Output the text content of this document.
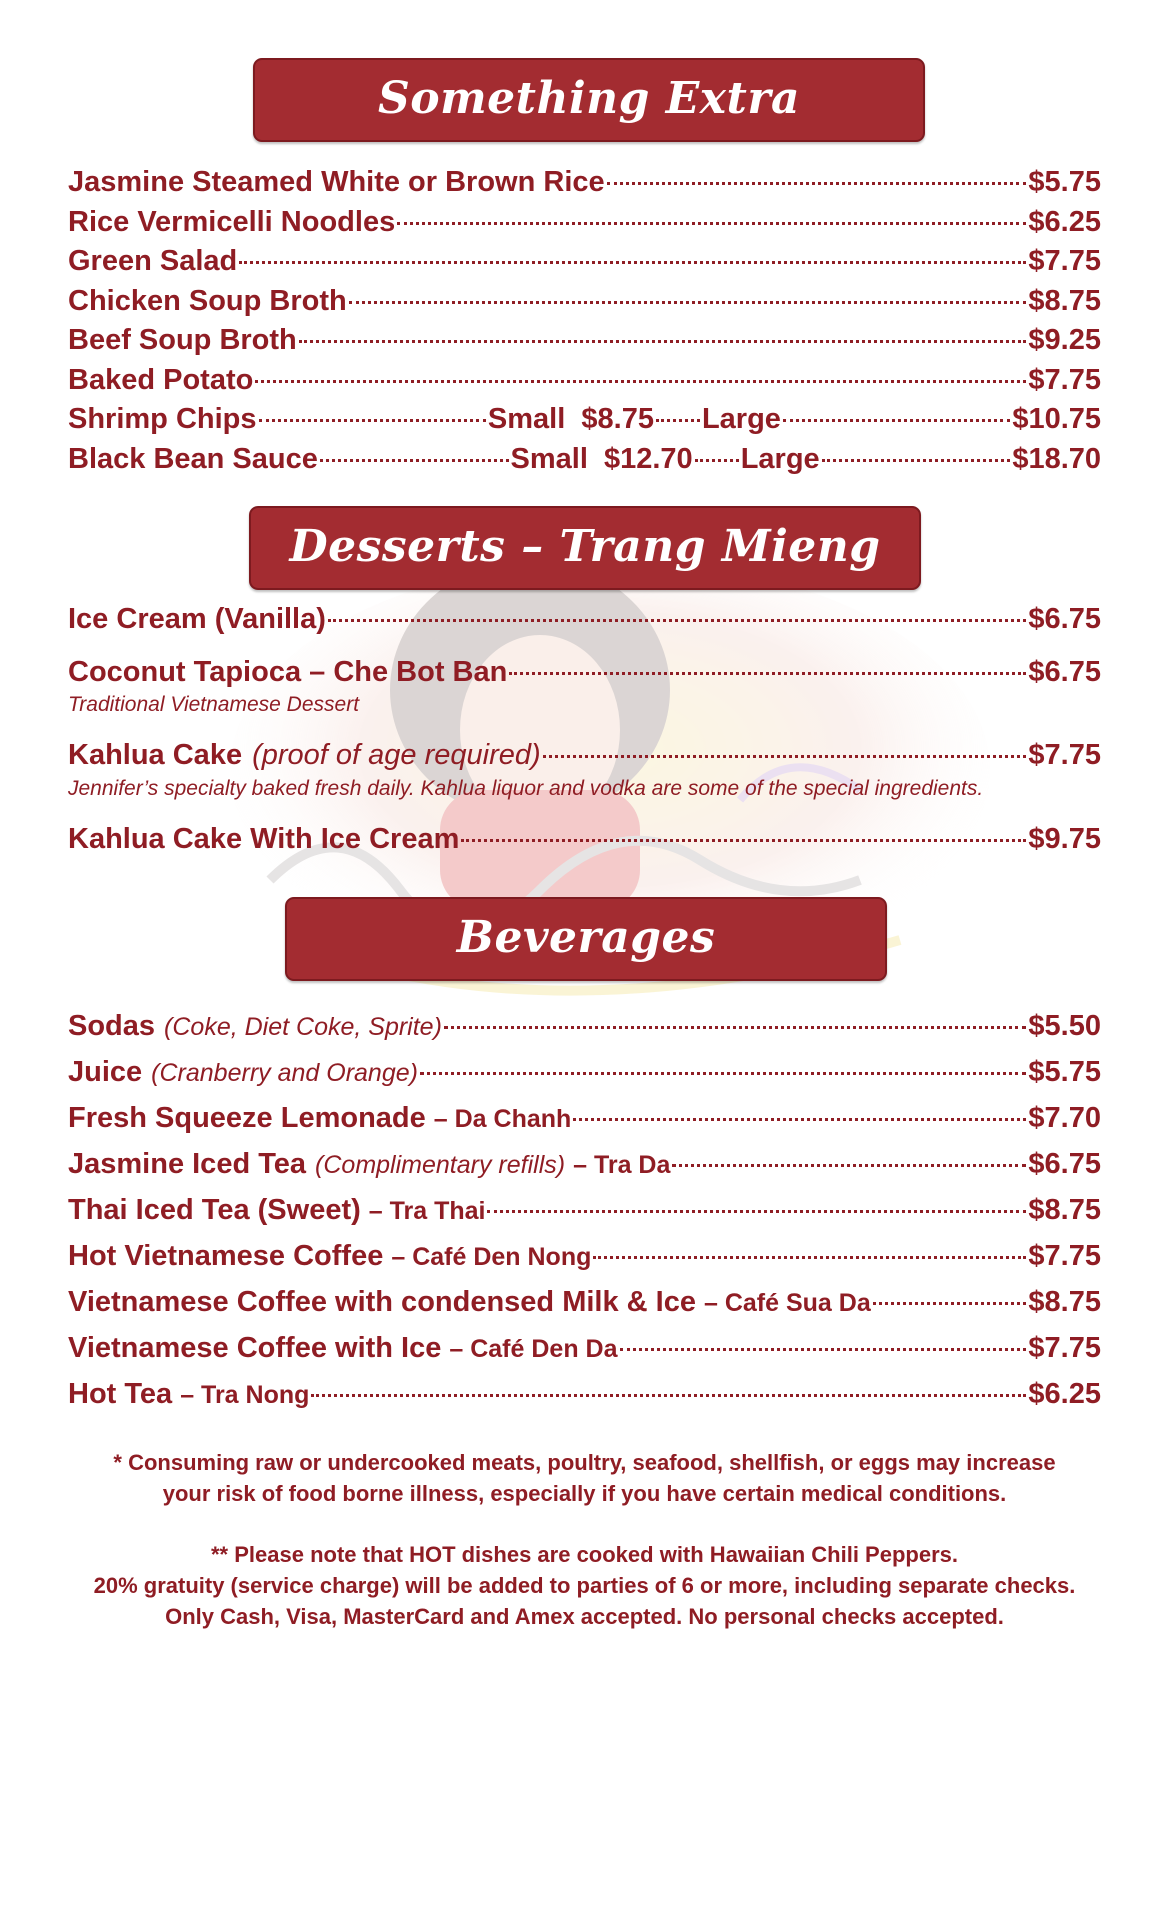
Something Extra
Jasmine Steamed White or Brown Rice	$5.75
Rice Vermicelli Noodles	$6.25
Green Salad	$7.75
Chicken Soup Broth	$8.75
Beef Soup Broth	$9.25
Baked Potato	$7.75
Shrimp Chips	Small  $8.75 Large	$10.75
Black Bean Sauce	Small  $12.70 Large	$18.70
Desserts – Trang Mieng
Ice Cream (Vanilla)	$6.75
Coconut Tapioca – Che Bot Ban	$6.75
Traditional Vietnamese Dessert
Kahlua Cake (proof of age required)	$7.75
Jennifer’s specialty baked fresh daily. Kahlua liquor and vodka are some of the special ingredients.
Kahlua Cake With Ice Cream	$9.75
Beverages
Sodas (Coke, Diet Coke, Sprite)	$5.50
Juice (Cranberry and Orange)	$5.75
Fresh Squeeze Lemonade – Da Chanh	$7.70
Jasmine Iced Tea (Complimentary refills) – Tra Da	$6.75
Thai Iced Tea (Sweet) – Tra Thai	$8.75
Hot Vietnamese Coffee – Café Den Nong	$7.75
Vietnamese Coffee with condensed Milk & Ice – Café Sua Da	$8.75
Vietnamese Coffee with Ice – Café Den Da	$7.75
Hot Tea – Tra Nong	$6.25

* Consuming raw or undercooked meats, poultry, seafood, shellfish, or eggs may increase

your risk of food borne illness, especially if you have certain medical conditions.

** Please note that HOT dishes are cooked with Hawaiian Chili Peppers.

20% gratuity (service charge) will be added to parties of 6 or more, including separate checks.

Only Cash, Visa, MasterCard and Amex accepted. No personal checks accepted.
